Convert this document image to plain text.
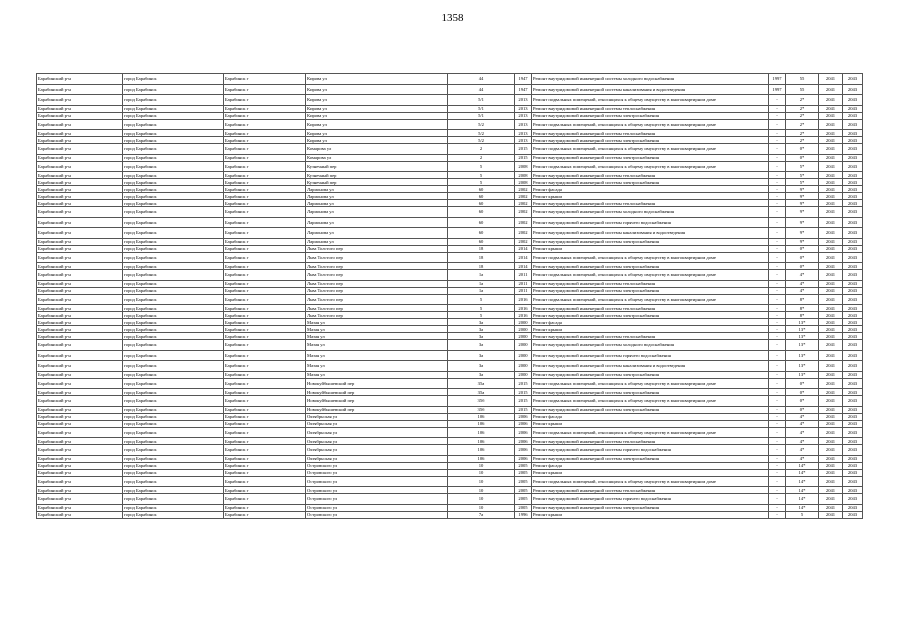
1358
Барабинский р-н	город Барабинск	Барабинск г	Кирова ул	44	1947	Ремонт внутридомовой инженерной системы холодного водоснабжения	1997	55	2041	2043
Барабинский р-н	город Барабинск	Барабинск г	Кирова ул	44	1947	Ремонт внутридомовой инженерной системы канализования и водоотведения	1997	55	2041	2043
Барабинский р-н	город Барабинск	Барабинск г	Кирова ул	5/1	2013	Ремонт подвальных помещений, относящихся к общему имуществу в многоквартирном доме	-	2*	2041	2043
Барабинский р-н	город Барабинск	Барабинск г	Кирова ул	5/1	2013	Ремонт внутридомовой инженерной системы теплоснабжения	-	2*	2041	2043
Барабинский р-н	город Барабинск	Барабинск г	Кирова ул	5/1	2013	Ремонт внутридомовой инженерной системы электроснабжения	-	2*	2041	2043
Барабинский р-н	город Барабинск	Барабинск г	Кирова ул	5/2	2013	Ремонт подвальных помещений, относящихся к общему имуществу в многоквартирном доме	-	2*	2041	2043
Барабинский р-н	город Барабинск	Барабинск г	Кирова ул	5/2	2013	Ремонт внутридомовой инженерной системы теплоснабжения	-	2*	2041	2043
Барабинский р-н	город Барабинск	Барабинск г	Кирова ул	5/2	2013	Ремонт внутридомовой инженерной системы электроснабжения	-	2*	2041	2043
Барабинский р-н	город Барабинск	Барабинск г	Комарова ул	2	2015	Ремонт подвальных помещений, относящихся к общему имуществу в многоквартирном доме	-	0*	2041	2043
Барабинский р-н	город Барабинск	Барабинск г	Комарова ул	2	2015	Ремонт внутридомовой инженерной системы электроснабжения	-	0*	2041	2043
Барабинский р-н	город Барабинск	Барабинск г	Кузнечный пер	5	2008	Ремонт подвальных помещений, относящихся к общему имуществу в многоквартирном доме	-	5*	2041	2043
Барабинский р-н	город Барабинск	Барабинск г	Кузнечный пер	5	2008	Ремонт внутридомовой инженерной системы теплоснабжения	-	5*	2041	2043
Барабинский р-н	город Барабинск	Барабинск г	Кузнечный пер	5	2008	Ремонт внутридомовой инженерной системы электроснабжения	-	5*	2041	2043
Барабинский р-н	город Барабинск	Барабинск г	Ларионова ул	60	2002	Ремонт фасада	-	9*	2041	2043
Барабинский р-н	город Барабинск	Барабинск г	Ларионова ул	60	2002	Ремонт крыши	-	9*	2041	2043
Барабинский р-н	город Барабинск	Барабинск г	Ларионова ул	60	2002	Ремонт внутридомовой инженерной системы теплоснабжения	-	9*	2041	2043
Барабинский р-н	город Барабинск	Барабинск г	Ларионова ул	60	2002	Ремонт внутридомовой инженерной системы холодного водоснабжения	-	9*	2041	2043
Барабинский р-н	город Барабинск	Барабинск г	Ларионова ул	60	2002	Ремонт внутридомовой инженерной системы горячего водоснабжения	-	9*	2041	2043
Барабинский р-н	город Барабинск	Барабинск г	Ларионова ул	60	2002	Ремонт внутридомовой инженерной системы канализования и водоотведения	-	9*	2041	2043
Барабинский р-н	город Барабинск	Барабинск г	Ларионова ул	60	2002	Ремонт внутридомовой инженерной системы электроснабжения	-	9*	2041	2043
Барабинский р-н	город Барабинск	Барабинск г	Льва Толстого пер	18	2014	Ремонт крыши	-	0*	2041	2043
Барабинский р-н	город Барабинск	Барабинск г	Льва Толстого пер	18	2014	Ремонт подвальных помещений, относящихся к общему имуществу в многоквартирном доме	-	0*	2041	2043
Барабинский р-н	город Барабинск	Барабинск г	Льва Толстого пер	18	2014	Ремонт внутридомовой инженерной системы электроснабжения	-	0*	2041	2043
Барабинский р-н	город Барабинск	Барабинск г	Льва Толстого пер	1а	2011	Ремонт подвальных помещений, относящихся к общему имуществу в многоквартирном доме	-	4*	2041	2043
Барабинский р-н	город Барабинск	Барабинск г	Льва Толстого пер	1а	2011	Ремонт внутридомовой инженерной системы теплоснабжения	-	4*	2041	2043
Барабинский р-н	город Барабинск	Барабинск г	Льва Толстого пер	1а	2011	Ремонт внутридомовой инженерной системы электроснабжения	-	4*	2041	2043
Барабинский р-н	город Барабинск	Барабинск г	Льва Толстого пер	5	2016	Ремонт подвальных помещений, относящихся к общему имуществу в многоквартирном доме	-	8*	2041	2043
Барабинский р-н	город Барабинск	Барабинск г	Льва Толстого пер	5	2016	Ремонт внутридомовой инженерной системы теплоснабжения	-	8*	2041	2043
Барабинский р-н	город Барабинск	Барабинск г	Льва Толстого пер	5	2016	Ремонт внутридомовой инженерной системы электроснабжения	-	8*	2041	2043
Барабинский р-н	город Барабинск	Барабинск г	Мазая ул	3а	2000	Ремонт фасада	-	13*	2041	2043
Барабинский р-н	город Барабинск	Барабинск г	Мазая ул	3а	2000	Ремонт крыши	-	13*	2041	2043
Барабинский р-н	город Барабинск	Барабинск г	Мазая ул	3а	2000	Ремонт внутридомовой инженерной системы теплоснабжения	-	13*	2041	2043
Барабинский р-н	город Барабинск	Барабинск г	Мазая ул	3а	2000	Ремонт внутридомовой инженерной системы холодного водоснабжения	-	13*	2041	2043
Барабинский р-н	город Барабинск	Барабинск г	Мазая ул	3а	2000	Ремонт внутридомовой инженерной системы горячего водоснабжения	-	13*	2041	2043
Барабинский р-н	город Барабинск	Барабинск г	Мазая ул	3а	2000	Ремонт внутридомовой инженерной системы канализования и водоотведения	-	13*	2041	2043
Барабинский р-н	город Барабинск	Барабинск г	Мазая ул	3а	2000	Ремонт внутридомовой инженерной системы электроснабжения	-	13*	2041	2043
Барабинский р-н	город Барабинск	Барабинск г	Новокуйбышевский пер	35а	2015	Ремонт подвальных помещений, относящихся к общему имуществу в многоквартирном доме	-	0*	2041	2043
Барабинский р-н	город Барабинск	Барабинск г	Новокуйбышевский пер	35а	2015	Ремонт внутридомовой инженерной системы электроснабжения	-	0*	2041	2043
Барабинский р-н	город Барабинск	Барабинск г	Новокуйбышевский пер	35б	2015	Ремонт подвальных помещений, относящихся к общему имуществу в многоквартирном доме	-	0*	2041	2043
Барабинский р-н	город Барабинск	Барабинск г	Новокуйбышевский пер	35б	2015	Ремонт внутридомовой инженерной системы электроснабжения	-	0*	2041	2043
Барабинский р-н	город Барабинск	Барабинск г	Октябрьская ул	106	2006	Ремонт фасада	-	4*	2041	2043
Барабинский р-н	город Барабинск	Барабинск г	Октябрьская ул	106	2006	Ремонт крыши	-	4*	2041	2043
Барабинский р-н	город Барабинск	Барабинск г	Октябрьская ул	106	2006	Ремонт подвальных помещений, относящихся к общему имуществу в многоквартирном доме	-	4*	2041	2043
Барабинский р-н	город Барабинск	Барабинск г	Октябрьская ул	106	2006	Ремонт внутридомовой инженерной системы теплоснабжения	-	4*	2041	2043
Барабинский р-н	город Барабинск	Барабинск г	Октябрьская ул	106	2006	Ремонт внутридомовой инженерной системы горячего водоснабжения	-	4*	2041	2043
Барабинский р-н	город Барабинск	Барабинск г	Октябрьская ул	106	2006	Ремонт внутридомовой инженерной системы электроснабжения	-	4*	2041	2043
Барабинский р-н	город Барабинск	Барабинск г	Островского ул	10	2005	Ремонт фасада	-	14*	2041	2043
Барабинский р-н	город Барабинск	Барабинск г	Островского ул	10	2005	Ремонт крыши	-	14*	2041	2043
Барабинский р-н	город Барабинск	Барабинск г	Островского ул	10	2005	Ремонт подвальных помещений, относящихся к общему имуществу в многоквартирном доме	-	14*	2041	2043
Барабинский р-н	город Барабинск	Барабинск г	Островского ул	10	2005	Ремонт внутридомовой инженерной системы теплоснабжения	-	14*	2041	2043
Барабинский р-н	город Барабинск	Барабинск г	Островского ул	10	2005	Ремонт внутридомовой инженерной системы горячего водоснабжения	-	14*	2041	2043
Барабинский р-н	город Барабинск	Барабинск г	Островского ул	10	2005	Ремонт внутридомовой инженерной системы электроснабжения	-	14*	2041	2043
Барабинский р-н	город Барабинск	Барабинск г	Островского ул	7а	1996	Ремонт крыши	-	5	2041	2043
